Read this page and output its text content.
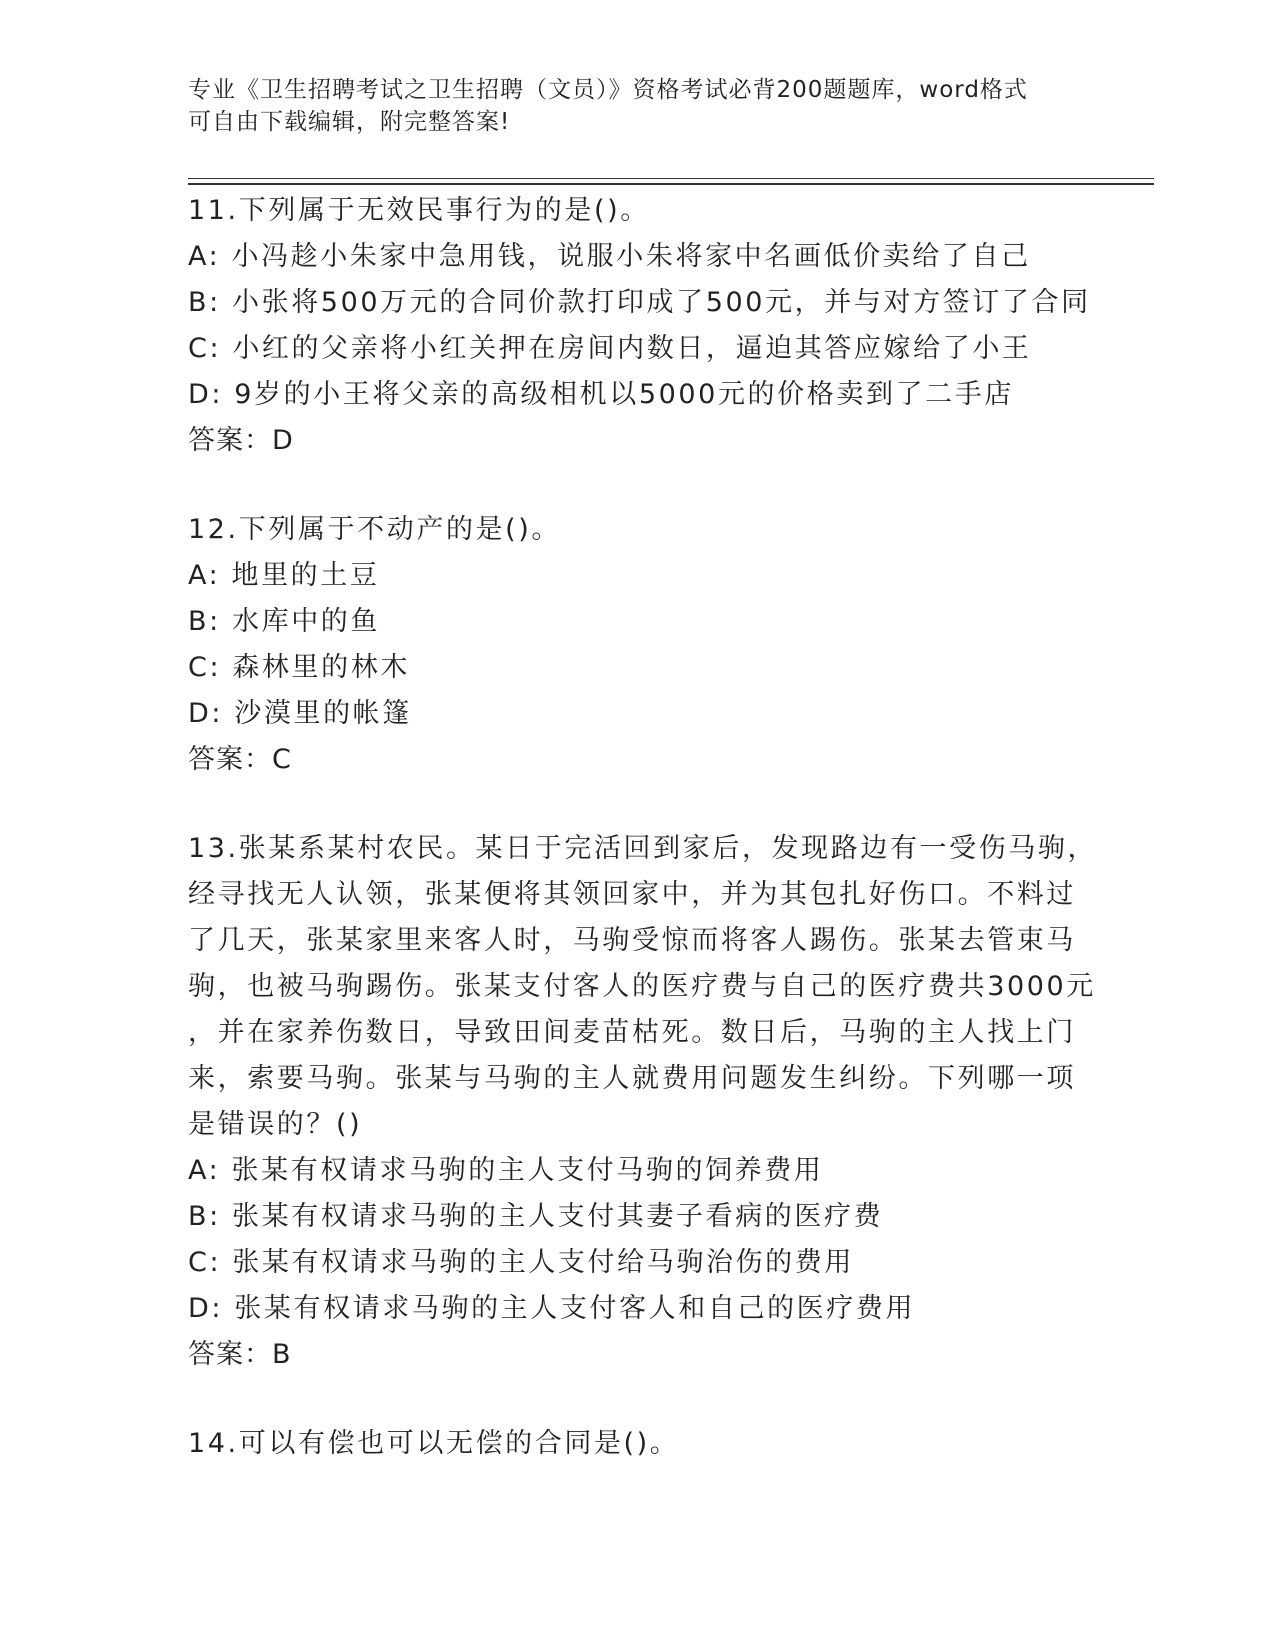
专业《卫生招聘考试之卫生招聘（文员）》资格考试必背200题题库，word格式
可自由下载编辑，附完整答案!
11.下列属于无效民事行为的是()。
A: 小冯趁小朱家中急用钱，说服小朱将家中名画低价卖给了自己
B: 小张将500万元的合同价款打印成了500元，并与对方签订了合同
C: 小红的父亲将小红关押在房间内数日，逼迫其答应嫁给了小王
D: 9岁的小王将父亲的高级相机以5000元的价格卖到了二手店
答案：D
12.下列属于不动产的是()。
A: 地里的土豆
B: 水库中的鱼
C: 森林里的林木
D: 沙漠里的帐篷
答案：C
13.张某系某村农民。某日于完活回到家后，发现路边有一受伤马驹，
经寻找无人认领，张某便将其领回家中，并为其包扎好伤口。不料过
了几天，张某家里来客人时，马驹受惊而将客人踢伤。张某去管束马
驹，也被马驹踢伤。张某支付客人的医疗费与自己的医疗费共3000元
，并在家养伤数日，导致田间麦苗枯死。数日后，马驹的主人找上门
来，索要马驹。张某与马驹的主人就费用问题发生纠纷。下列哪一项
是错误的？()
A: 张某有权请求马驹的主人支付马驹的饲养费用
B: 张某有权请求马驹的主人支付其妻子看病的医疗费
C: 张某有权请求马驹的主人支付给马驹治伤的费用
D: 张某有权请求马驹的主人支付客人和自己的医疗费用
答案：B
14.可以有偿也可以无偿的合同是()。
